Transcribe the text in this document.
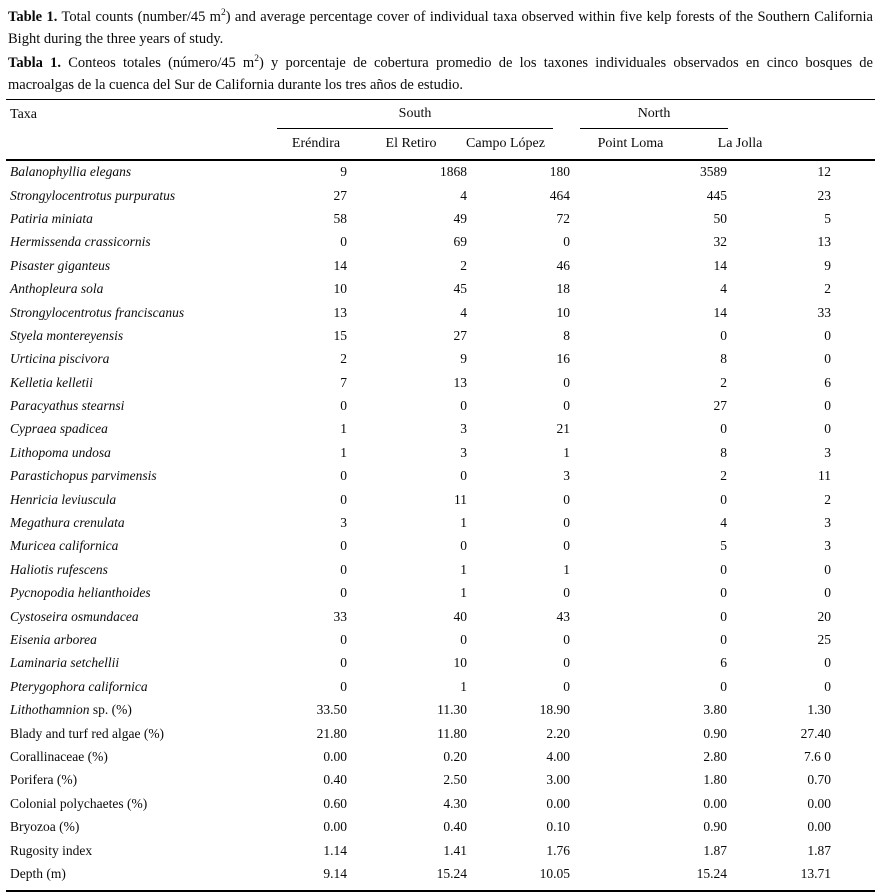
Table 1. Total counts (number/45 $m^2$) and average percentage cover of individual taxa observed within five kelp forests of the Southern California Bight during the three years of study.

Tabla 1. Conteos totales (número/45 $m^2$) y porcentaje de cobertura promedio de los taxones individuales observados en cinco bosques de macroalgas de la cuenca del Sur de California durante los tres años de estudio.

Taxa	South	North

Eréndira	El Retiro	Campo López	Point Loma	La Jolla
Balanophyllia elegans	9	1868	180	3589	12	
Strongylocentrotus purpuratus	27	4	464	445	23	
Patiria miniata	58	49	72	50	5	
Hermissenda crassicornis	0	69	0	32	13	
Pisaster giganteus	14	2	46	14	9	
Anthopleura sola	10	45	18	4	2	
Strongylocentrotus franciscanus	13	4	10	14	33	
Styela montereyensis	15	27	8	0	0	
Urticina piscivora	2	9	16	8	0	
Kelletia kelletii	7	13	0	2	6	
Paracyathus stearnsi	0	0	0	27	0	
Cypraea spadicea	1	3	21	0	0	
Lithopoma undosa	1	3	1	8	3	
Parastichopus parvimensis	0	0	3	2	11	
Henricia leviuscula	0	11	0	0	2	
Megathura crenulata	3	1	0	4	3	
Muricea californica	0	0	0	5	3	
Haliotis rufescens	0	1	1	0	0	
Pycnopodia helianthoides	0	1	0	0	0	
Cystoseira osmundacea	33	40	43	0	20	
Eisenia arborea	0	0	0	0	25	
Laminaria setchellii	0	10	0	6	0	
Pterygophora californica	0	1	0	0	0	
Lithothamnion sp. (%)	33.50	11.30	18.90	3.80	1.30	
Blady and turf red algae (%)	21.80	11.80	2.20	0.90	27.40	
Corallinaceae (%)	0.00	0.20	4.00	2.80	7.6 0	
Porifera (%)	0.40	2.50	3.00	1.80	0.70	
Colonial polychaetes (%)	0.60	4.30	0.00	0.00	0.00	
Bryozoa (%)	0.00	0.40	0.10	0.90	0.00	
Rugosity index	1.14	1.41	1.76	1.87	1.87	
Depth (m)	9.14	15.24	10.05	15.24	13.71	
